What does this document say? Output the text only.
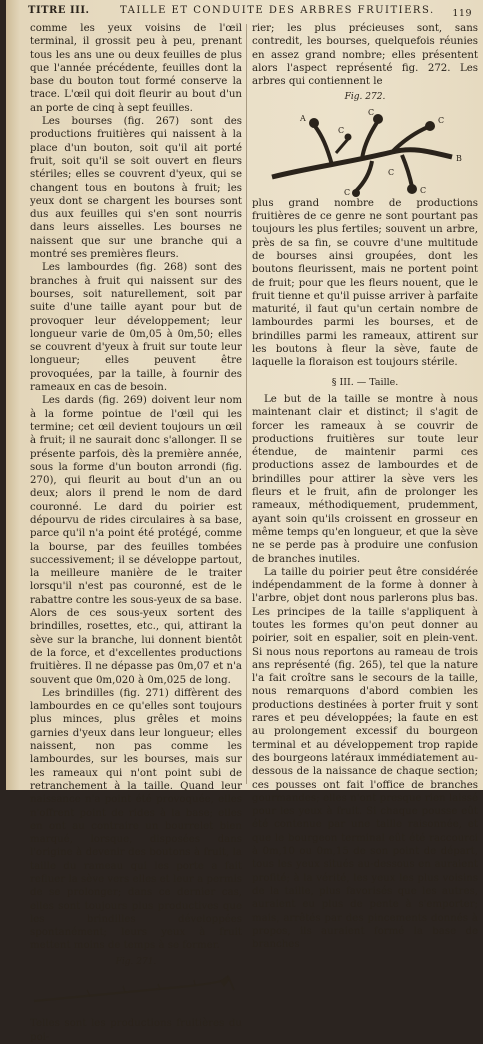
TITRE III.	TAILLE ET CONDUITE DES ARBRES FRUITIERS. 119

comme les yeux voisins de l'œil terminal, il grossit peu à peu, prenant tous les ans une ou deux feuilles de plus que l'année précédente, feuilles dont la base du bouton tout formé conserve la trace. L'œil qui doit fleurir au bout d'un an porte de cinq à sept feuilles.

Les bourses (fig. 267) sont des productions fruitières qui naissent à la place d'un bouton, soit qu'il ait porté fruit, soit qu'il se soit ouvert en fleurs stériles; elles se couvrent d'yeux, qui se changent tous en boutons à fruit; les yeux dont se chargent les bourses sont dus aux feuilles qui s'en sont nourris dans leurs aisselles. Les bourses ne naissent que sur une branche qui a montré ses premières fleurs.

Les lambourdes (fig. 268) sont des branches à fruit qui naissent sur des bourses, soit naturellement, soit par suite d'une taille ayant pour but de provoquer leur développement; leur longueur varie de 0m,05 à 0m,50; elles se couvrent d'yeux à fruit sur toute leur longueur; elles peuvent être provoquées, par la taille, à fournir des rameaux en cas de besoin.

Les dards (fig. 269) doivent leur nom à la forme pointue de l'œil qui les termine; cet œil devient toujours un œil à fruit; il ne saurait donc s'allonger. Il se présente parfois, dès la première année, sous la forme d'un bouton arrondi (fig. 270), qui fleurit au bout d'un an ou deux; alors il prend le nom de dard couronné. Le dard du poirier est dépourvu de rides circulaires à sa base, parce qu'il n'a point été protégé, comme la bourse, par des feuilles tombées successivement; il se développe partout, la meilleure manière de le traiter lorsqu'il n'est pas couronné, est de le rabattre contre les sous-yeux de sa base. Alors de ces sous-yeux sortent des brindilles, rosettes, etc., qui, attirant la sève sur la branche, lui donnent bientôt de la force, et d'excellentes productions fruitières. Il ne dépasse pas 0m,07 et n'a souvent que 0m,020 à 0m,025 de long.

Les brindilles (fig. 271) diffèrent des lambourdes en ce qu'elles sont toujours plus minces, plus grêles et moins garnies d'yeux dans leur longueur; elles naissent, non pas comme les lambourdes, sur les bourses, mais sur les rameaux qui n'ont point subi de retranchement à la taille. Quand leur naissance n'a point été provoquée, elles n'offrent point de rides à la base; elles en ont au contraire un bourrelet bien marqué, lorsque, disposées dans l'origine à devenir des boutons à fruit, la taille du rameau qui les porte a fait refluer la sève vers elles et leur a permis de se prolonger; dans ce dernier cas, elles sont toujours plus productives que les brindilles développées spontanément; leurs yeux à fruit mettent moins de temps à se former.

Fig. 271.

Telles sont les productions fruitières du poi-

rier; les plus précieuses sont, sans contredit, les bourses, quelquefois réunies en assez grand nombre; elles présentent alors l'aspect représenté fig. 272. Les arbres qui contiennent le

Fig. 272.
A
C
C
B
C
C
C
C

plus grand nombre de productions fruitières de ce genre ne sont pourtant pas toujours les plus fertiles; souvent un arbre, près de sa fin, se couvre d'une multitude de bourses ainsi groupées, dont les boutons fleurissent, mais ne portent point de fruit; pour que les fleurs nouent, que le fruit tienne et qu'il puisse arriver à parfaite maturité, il faut qu'un certain nombre de lambourdes parmi les bourses, et de brindilles parmi les rameaux, attirent sur les boutons à fleur la sève, faute de laquelle la floraison est toujours stérile.

§ III. — Taille.

Le but de la taille se montre à nous maintenant clair et distinct; il s'agit de forcer les rameaux à se couvrir de productions fruitières sur toute leur étendue, de maintenir parmi ces productions assez de lambourdes et de brindilles pour attirer la sève vers les fleurs et le fruit, afin de prolonger les rameaux, méthodiquement, prudemment, ayant soin qu'ils croissent en grosseur en même temps qu'en longueur, et que la sève ne se perde pas à produire une confusion de branches inutiles.

La taille du poirier peut être considérée indépendamment de la forme à donner à l'arbre, objet dont nous parlerons plus bas. Les principes de la taille s'appliquent à toutes les formes qu'on peut donner au poirier, soit en espalier, soit en plein-vent. Si nous nous reportons au rameau de trois ans représenté (fig. 265), tel que la nature l'a fait croître sans le secours de la taille, nous remarquons d'abord combien les productions destinées à porter fruit y sont rares et peu développées; la faute en est au prolongement excessif du bourgeon terminal et au développement trop rapide des bourgeons latéraux immédiatement au-dessous de la naissance de chaque section; ces pousses ont fait l'office de branches gourmandes; elles n'ont presque rien laissé pour les yeux à fruit. Si chaque pousse eût été contenue par une taille raisonnée, et que le bourgeon terminal eût été raccourci à 0m,10 ou 0m,15 de son point de départ, tous les yeux situés au-dessous en auraient profité; à la vérité, les yeux les plus voisins de la taille, plus favorisés que les autres, auraient eu plus de pente à s'emporter; mais, arrêtés par des pincements donnés à propos, ils auraient formé la base de branches
